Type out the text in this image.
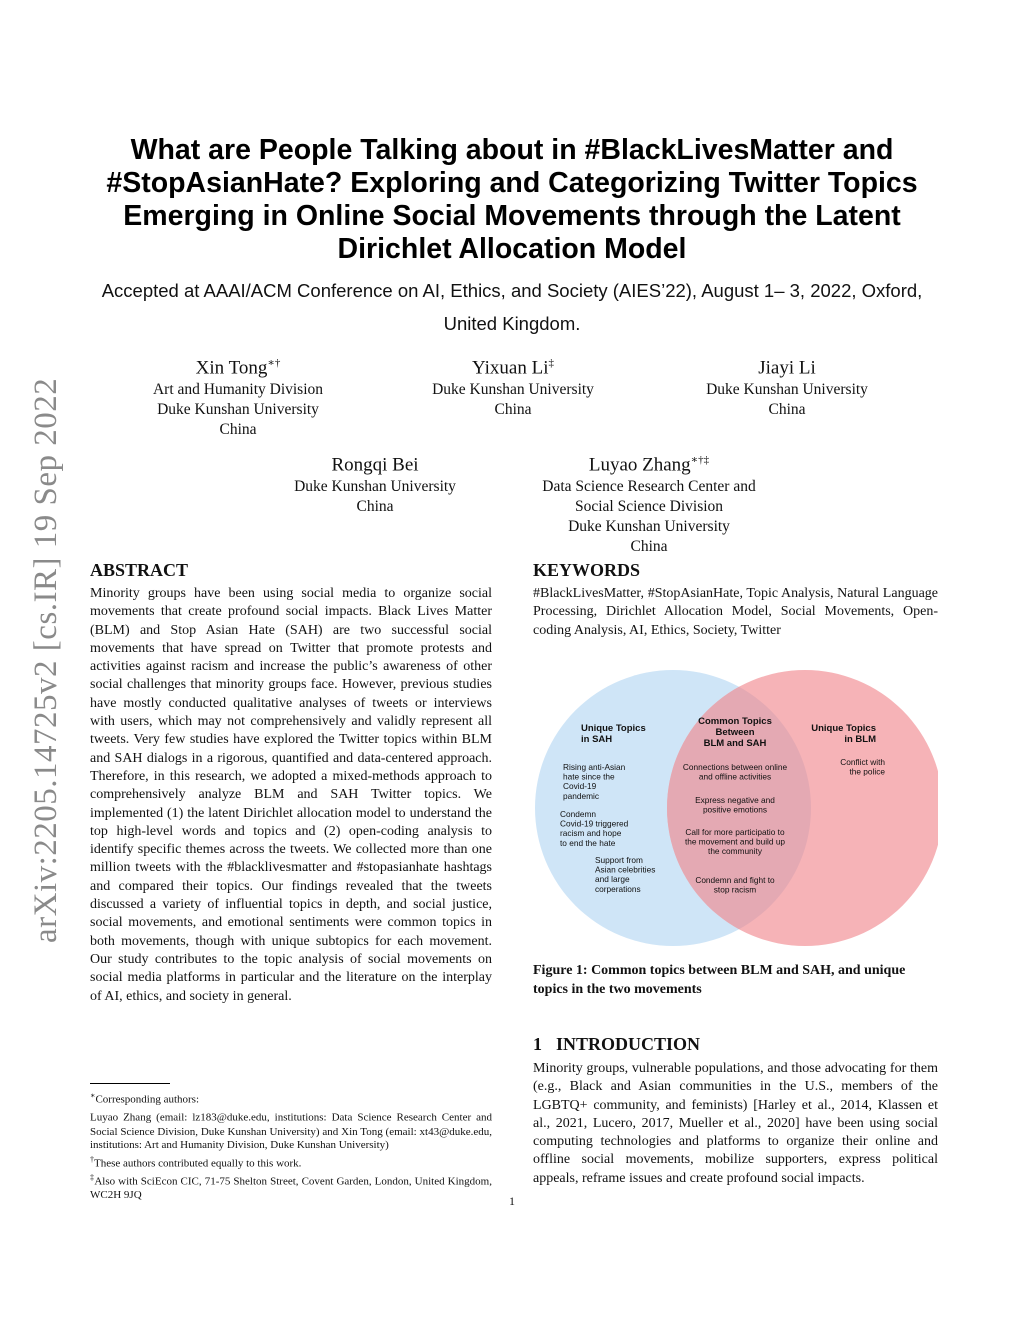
arXiv:2205.14725v2 [cs.IR] 19 Sep 2022
What are People Talking about in #BlackLivesMatter and #StopAsianHate? Exploring and Categorizing Twitter Topics Emerging in Online Social Movements through the Latent Dirichlet Allocation Model
Accepted at AAAI/ACM Conference on AI, Ethics, and Society (AIES’22), August 1– 3, 2022, Oxford, United Kingdom.
Xin Tong∗†
Art and Humanity Division
Duke Kunshan University
China
Yixuan Li‡
Duke Kunshan University
China
Jiayi Li
Duke Kunshan University
China
Rongqi Bei
Duke Kunshan University
China
Luyao Zhang∗†‡
Data Science Research Center and
Social Science Division
Duke Kunshan University
China
ABSTRACT
Minority groups have been using social media to organize social movements that create profound social impacts. Black Lives Matter (BLM) and Stop Asian Hate (SAH) are two successful social movements that have spread on Twitter that promote protests and activities against racism and increase the public’s awareness of other social challenges that minority groups face. However, previous studies have mostly conducted qualitative analyses of tweets or interviews with users, which may not comprehensively and validly represent all tweets. Very few studies have explored the Twitter topics within BLM and SAH dialogs in a rigorous, quantified and data-centered approach. Therefore, in this research, we adopted a mixed-methods approach to comprehensively analyze BLM and SAH Twitter topics. We implemented (1) the latent Dirichlet allocation model to understand the top high-level words and topics and (2) open-coding analysis to identify specific themes across the tweets. We collected more than one million tweets with the #blacklivesmatter and #stopasianhate hashtags and compared their topics. Our findings revealed that the tweets discussed a variety of influential topics in depth, and social justice, social movements, and emotional sentiments were common topics in both movements, though with unique subtopics for each movement. Our study contributes to the topic analysis of social movements on social media platforms in particular and the literature on the interplay of AI, ethics, and society in general.
KEYWORDS
#BlackLivesMatter, #StopAsianHate, Topic Analysis, Natural Language Processing, Dirichlet Allocation Model, Social Movements, Open-coding Analysis, AI, Ethics, Society, Twitter
Unique Topics in SAH
Common Topics Between BLM and SAH
Unique Topics in BLM
Rising anti-Asian hate since the Covid-19 pandemic
Condemn Covid-19 triggered racism and hope to end the hate
Support from Asian celebrities and large corperations
Connections between online and offline activities
Express negative and positive emotions
Call for more participatio to the movement and build up the community
Condemn and fight to stop racism
Conflict with the police
Figure 1: Common topics between BLM and SAH, and unique topics in the two movements
1 INTRODUCTION
Minority groups, vulnerable populations, and those advocating for them (e.g., Black and Asian communities in the U.S., members of the LGBTQ+ community, and feminists) [Harley et al., 2014, Klassen et al., 2021, Lucero, 2017, Mueller et al., 2020] have been using social computing technologies and platforms to organize their online and offline social movements, mobilize supporters, express political appeals, reframe issues and create profound social impacts.
∗Corresponding authors:
Luyao Zhang (email: lz183@duke.edu, institutions: Data Science Research Center and Social Science Division, Duke Kunshan University) and Xin Tong (email: xt43@duke.edu, institutions: Art and Humanity Division, Duke Kunshan University)
†These authors contributed equally to this work.
‡Also with SciEcon CIC, 71-75 Shelton Street, Covent Garden, London, United Kingdom, WC2H 9JQ	1
